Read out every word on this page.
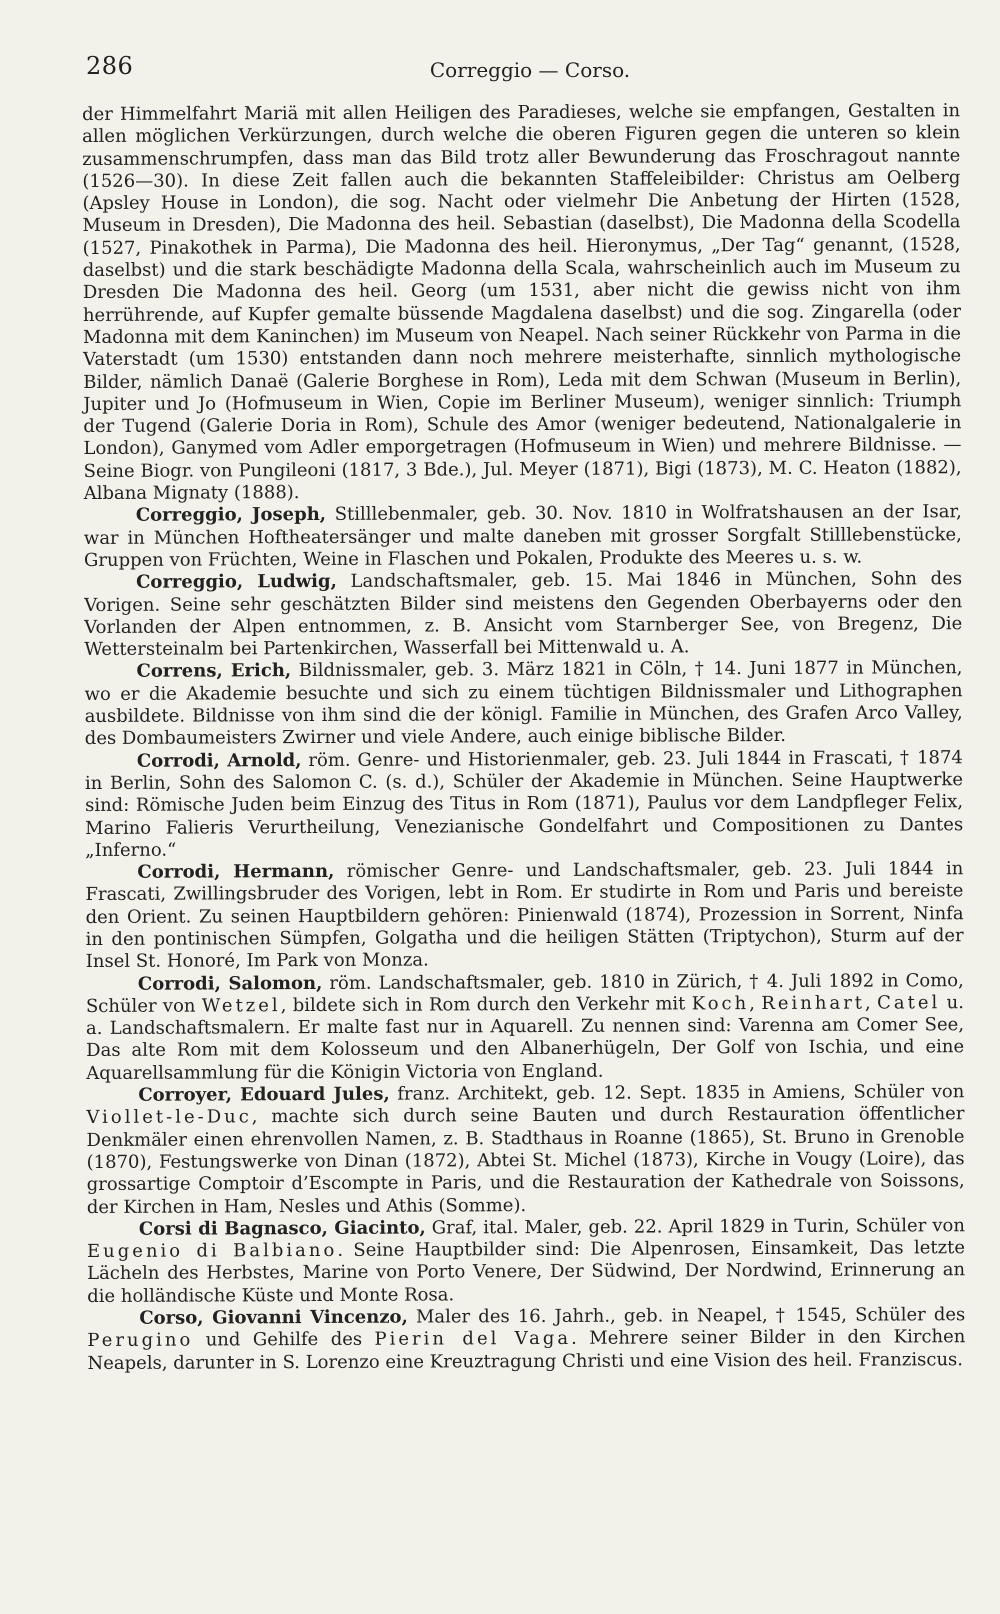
286	Correggio — Corso.

der Himmelfahrt Mariä mit allen Heiligen des Paradieses, welche sie empfangen, Gestalten in allen möglichen Verkürzungen, durch welche die oberen Figuren gegen die unteren so klein zusammenschrumpfen, dass man das Bild trotz aller Bewunderung das Froschragout nannte (1526—30). In diese Zeit fallen auch die bekannten Staffeleibilder: Christus am Oelberg (Apsley House in London), die sog. Nacht oder vielmehr Die Anbetung der Hirten (1528, Museum in Dresden), Die Madonna des heil. Sebastian (daselbst), Die Madonna della Scodella (1527, Pinakothek in Parma), Die Madonna des heil. Hieronymus, „Der Tag“ genannt, (1528, daselbst) und die stark beschädigte Madonna della Scala, wahrscheinlich auch im Museum zu Dresden Die Madonna des heil. Georg (um 1531, aber nicht die gewiss nicht von ihm herrührende, auf Kupfer gemalte büssende Magdalena daselbst) und die sog. Zingarella (oder Madonna mit dem Kaninchen) im Museum von Neapel. Nach seiner Rückkehr von Parma in die Vaterstadt (um 1530) entstanden dann noch mehrere meisterhafte, sinnlich mythologische Bilder, nämlich Danaë (Galerie Borghese in Rom), Leda mit dem Schwan (Museum in Berlin), Jupiter und Jo (Hofmuseum in Wien, Copie im Berliner Museum), weniger sinnlich: Triumph der Tugend (Galerie Doria in Rom), Schule des Amor (weniger bedeutend, Nationalgalerie in London), Ganymed vom Adler emporgetragen (Hofmuseum in Wien) und mehrere Bildnisse. — Seine Biogr. von Pungileoni (1817, 3 Bde.), Jul. Meyer (1871), Bigi (1873), M. C. Heaton (1882), Albana Mignaty (1888).

Correggio, Joseph, Stilllebenmaler, geb. 30. Nov. 1810 in Wolfratshausen an der Isar, war in München Hoftheatersänger und malte daneben mit grosser Sorgfalt Stilllebenstücke, Gruppen von Früchten, Weine in Flaschen und Pokalen, Produkte des Meeres u. s. w.

Correggio, Ludwig, Landschaftsmaler, geb. 15. Mai 1846 in München, Sohn des Vorigen. Seine sehr geschätzten Bilder sind meistens den Gegenden Oberbayerns oder den Vorlanden der Alpen entnommen, z. B. Ansicht vom Starnberger See, von Bregenz, Die Wettersteinalm bei Partenkirchen, Wasserfall bei Mittenwald u. A.

Correns, Erich, Bildnissmaler, geb. 3. März 1821 in Cöln, † 14. Juni 1877 in München, wo er die Akademie besuchte und sich zu einem tüchtigen Bildnissmaler und Lithographen ausbildete. Bildnisse von ihm sind die der königl. Familie in München, des Grafen Arco Valley, des Dombaumeisters Zwirner und viele Andere, auch einige biblische Bilder.

Corrodi, Arnold, röm. Genre- und Historienmaler, geb. 23. Juli 1844 in Frascati, † 1874 in Berlin, Sohn des Salomon C. (s. d.), Schüler der Akademie in München. Seine Hauptwerke sind: Römische Juden beim Einzug des Titus in Rom (1871), Paulus vor dem Landpfleger Felix, Marino Falieris Verurtheilung, Venezianische Gondelfahrt und Compositionen zu Dantes „Inferno.“

Corrodi, Hermann, römischer Genre- und Landschaftsmaler, geb. 23. Juli 1844 in Frascati, Zwillingsbruder des Vorigen, lebt in Rom. Er studirte in Rom und Paris und bereiste den Orient. Zu seinen Hauptbildern gehören: Pinienwald (1874), Prozession in Sorrent, Ninfa in den pontinischen Sümpfen, Golgatha und die heiligen Stätten (Triptychon), Sturm auf der Insel St. Honoré, Im Park von Monza.

Corrodi, Salomon, röm. Landschaftsmaler, geb. 1810 in Zürich, † 4. Juli 1892 in Como, Schüler von Wetzel, bildete sich in Rom durch den Verkehr mit Koch, Reinhart, Catel u. a. Landschaftsmalern. Er malte fast nur in Aquarell. Zu nennen sind: Varenna am Comer See, Das alte Rom mit dem Kolosseum und den Albanerhügeln, Der Golf von Ischia, und eine Aquarellsammlung für die Königin Victoria von England.

Corroyer, Edouard Jules, franz. Architekt, geb. 12. Sept. 1835 in Amiens, Schüler von Viollet-le-Duc, machte sich durch seine Bauten und durch Restauration öffentlicher Denkmäler einen ehrenvollen Namen, z. B. Stadthaus in Roanne (1865), St. Bruno in Grenoble (1870), Festungswerke von Dinan (1872), Abtei St. Michel (1873), Kirche in Vougy (Loire), das grossartige Comptoir d’Escompte in Paris, und die Restauration der Kathedrale von Soissons, der Kirchen in Ham, Nesles und Athis (Somme).

Corsi di Bagnasco, Giacinto, Graf, ital. Maler, geb. 22. April 1829 in Turin, Schüler von Eugenio di Balbiano. Seine Hauptbilder sind: Die Alpenrosen, Einsamkeit, Das letzte Lächeln des Herbstes, Marine von Porto Venere, Der Südwind, Der Nordwind, Erinnerung an die holländische Küste und Monte Rosa.

Corso, Giovanni Vincenzo, Maler des 16. Jahrh., geb. in Neapel, † 1545, Schüler des Perugino und Gehilfe des Pierin del Vaga. Mehrere seiner Bilder in den Kirchen Neapels, darunter in S. Lorenzo eine Kreuztragung Christi und eine Vision des heil. Franziscus.
